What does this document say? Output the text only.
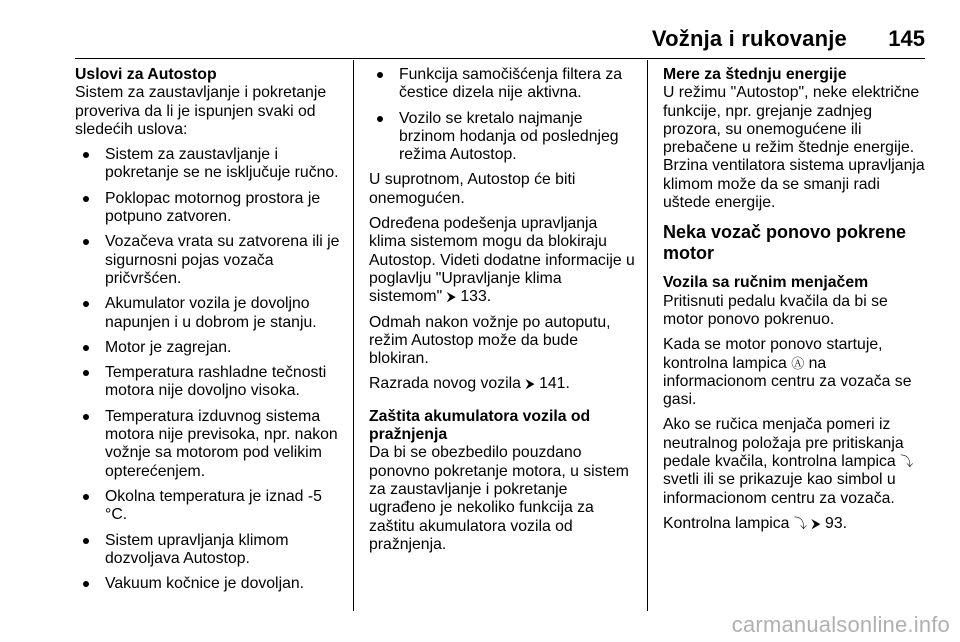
Vožnja i rukovanje 145
Uslovi za Autostop

Sistem za zaustavljanje i pokretanje proveriva da li je ispunjen svaki od sledećih uslova:

Sistem za zaustavljanje i pokretanje se ne isključuje ručno.
Poklopac motornog prostora je potpuno zatvoren.
Vozačeva vrata su zatvorena ili je sigurnosni pojas vozača pričvršćen.
Akumulator vozila je dovoljno napunjen i u dobrom je stanju.
Motor je zagrejan.
Temperatura rashladne tečnosti motora nije dovoljno visoka.
Temperatura izduvnog sistema motora nije previsoka, npr. nakon vožnje sa motorom pod velikim opterećenjem.
Okolna temperatura je iznad -5 °C.
Sistem upravljanja klimom dozvoljava Autostop.
Vakuum kočnice je dovoljan.
Funkcija samočišćenja filtera za čestice dizela nije aktivna.
Vozilo se kretalo najmanje brzinom hodanja od poslednjeg režima Autostop.

U suprotnom, Autostop će biti onemogućen.

Određena podešenja upravljanja klima sistemom mogu da blokiraju Autostop. Videti dodatne informacije u poglavlju "Upravljanje klima sistemom" ⮞ 133.

Odmah nakon vožnje po autoputu, režim Autostop može da bude blokiran.

Razrada novog vozila ⮞ 141.

Zaštita akumulatora vozila od pražnjenja

Da bi se obezbedilo pouzdano ponovno pokretanje motora, u sistem za zaustavljanje i pokretanje ugrađeno je nekoliko funkcija za zaštitu akumulatora vozila od pražnjenja.

Mere za štednju energije

U režimu "Autostop", neke električne funkcije, npr. grejanje zadnjeg prozora, su onemogućene ili prebačene u režim štednje energije. Brzina ventilatora sistema upravljanja klimom može da se smanji radi uštede energije.

Neka vozač ponovo pokrene motor
Vozila sa ručnim menjačem

Pritisnuti pedalu kvačila da bi se motor ponovo pokrenuo.

Kada se motor ponovo startuje, kontrolna lampica Ⓐ na informacionom centru za vozača se gasi.

Ako se ručica menjača pomeri iz neutralnog položaja pre pritiskanja pedale kvačila, kontrolna lampica ⤵ svetli ili se prikazuje kao simbol u informacionom centru za vozača.

Kontrolna lampica ⤵ ⮞ 93.

carmanualsonline.info
